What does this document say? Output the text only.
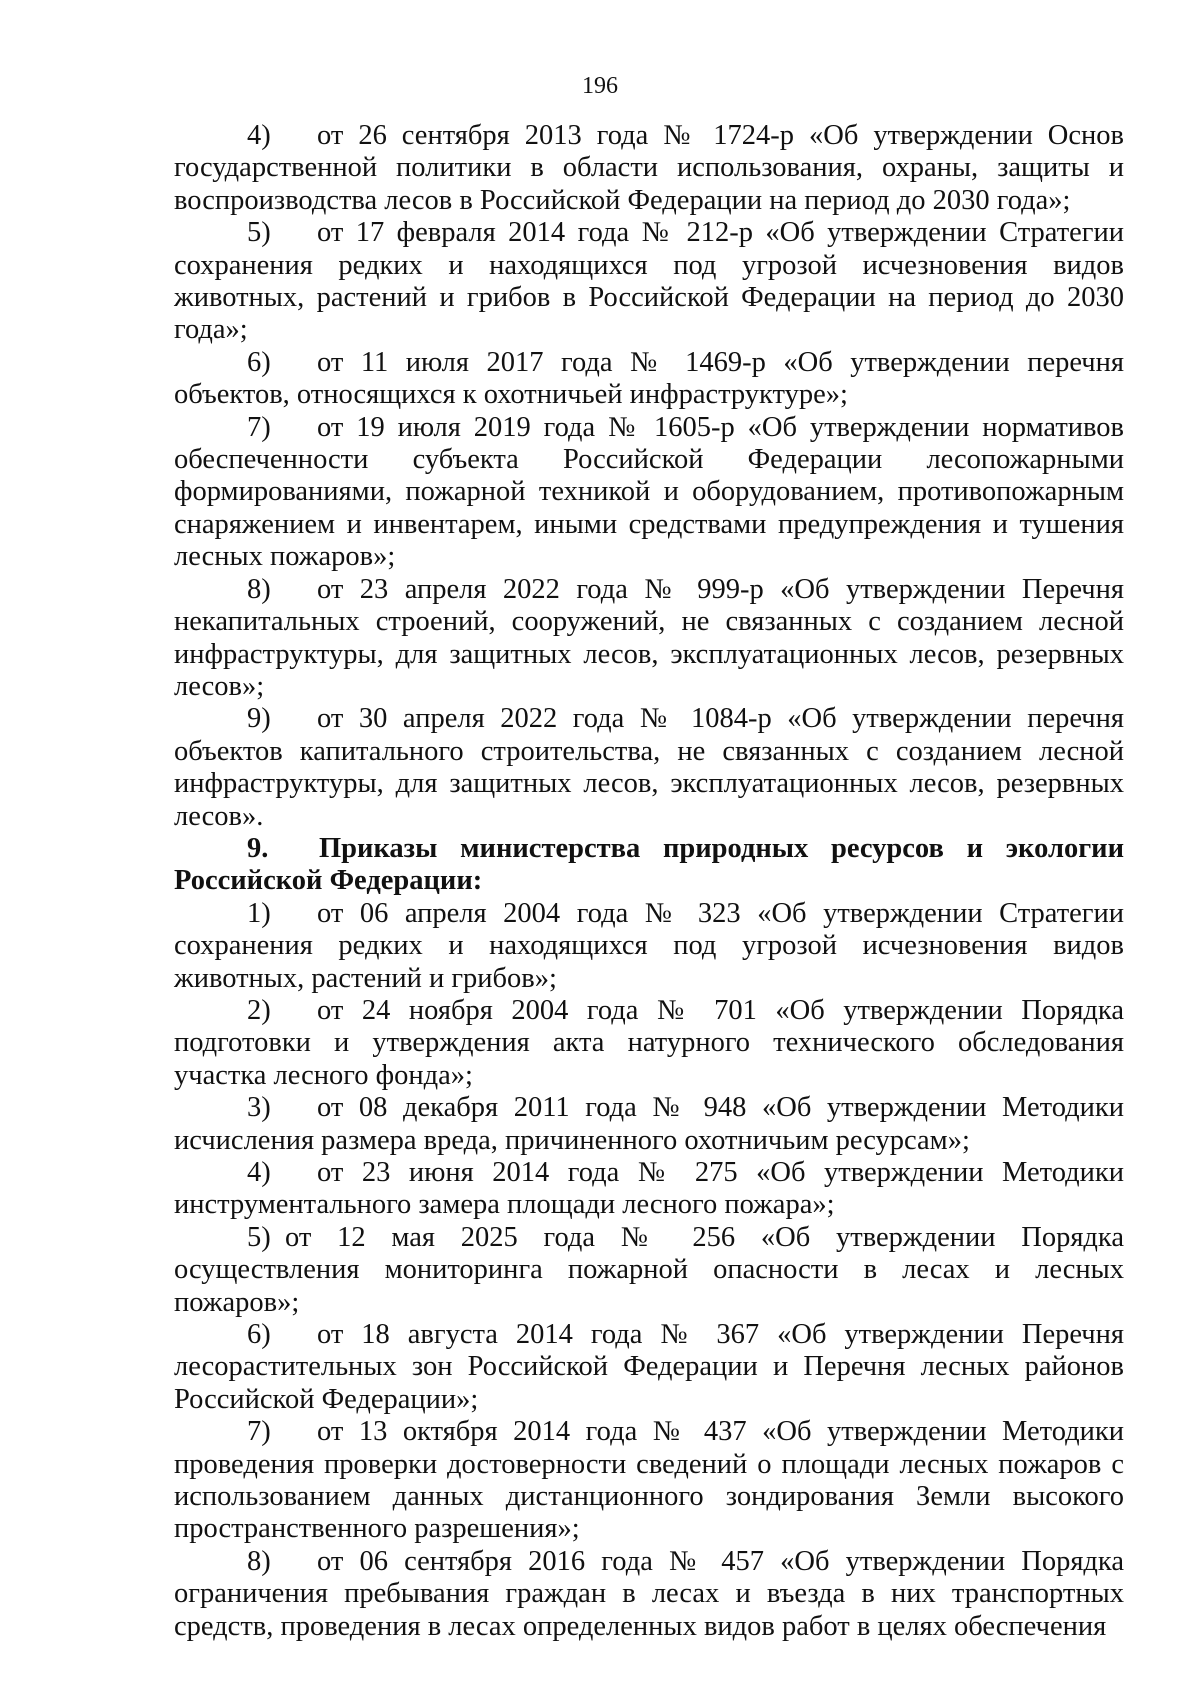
196

4) от 26 сентября 2013 года № 1724-р «Об утверждении Основ государственной политики в области использования, охраны, защиты и воспроизводства лесов в Российской Федерации на период до 2030 года»;

5) от 17 февраля 2014 года № 212-р «Об утверждении Стратегии сохранения редких и находящихся под угрозой исчезновения видов животных, растений и грибов в Российской Федерации на период до 2030 года»;

6) от 11 июля 2017 года № 1469-р «Об утверждении перечня объектов, относящихся к охотничьей инфраструктуре»;

7) от 19 июля 2019 года № 1605-р «Об утверждении нормативов обеспеченности субъекта Российской Федерации лесопожарными формированиями, пожарной техникой и оборудованием, противопожарным снаряжением и инвентарем, иными средствами предупреждения и тушения лесных пожаров»;

8) от 23 апреля 2022 года № 999-р «Об утверждении Перечня некапитальных строений, сооружений, не связанных с созданием лесной инфраструктуры, для защитных лесов, эксплуатационных лесов, резервных лесов»;

9) от 30 апреля 2022 года № 1084-р «Об утверждении перечня объектов капитального строительства, не связанных с созданием лесной инфраструктуры, для защитных лесов, эксплуатационных лесов, резервных лесов».

9. Приказы министерства природных ресурсов и экологии Российской Федерации:

1) от 06 апреля 2004 года № 323 «Об утверждении Стратегии сохранения редких и находящихся под угрозой исчезновения видов животных, растений и грибов»;

2) от 24 ноября 2004 года № 701 «Об утверждении Порядка подготовки и утверждения акта натурного технического обследования участка лесного фонда»;

3) от 08 декабря 2011 года № 948 «Об утверждении Методики исчисления размера вреда, причиненного охотничьим ресурсам»;

4) от 23 июня 2014 года № 275 «Об утверждении Методики инструментального замера площади лесного пожара»;

5) от 12 мая 2025 года № 256 «Об утверждении Порядка осуществления мониторинга пожарной опасности в лесах и лесных пожаров»;

6) от 18 августа 2014 года № 367 «Об утверждении Перечня лесорастительных зон Российской Федерации и Перечня лесных районов Российской Федерации»;

7) от 13 октября 2014 года № 437 «Об утверждении Методики проведения проверки достоверности сведений о площади лесных пожаров с использованием данных дистанционного зондирования Земли высокого пространственного разрешения»;

8) от 06 сентября 2016 года № 457 «Об утверждении Порядка ограничения пребывания граждан в лесах и въезда в них транспортных средств, проведения в лесах определенных видов работ в целях обеспечения
